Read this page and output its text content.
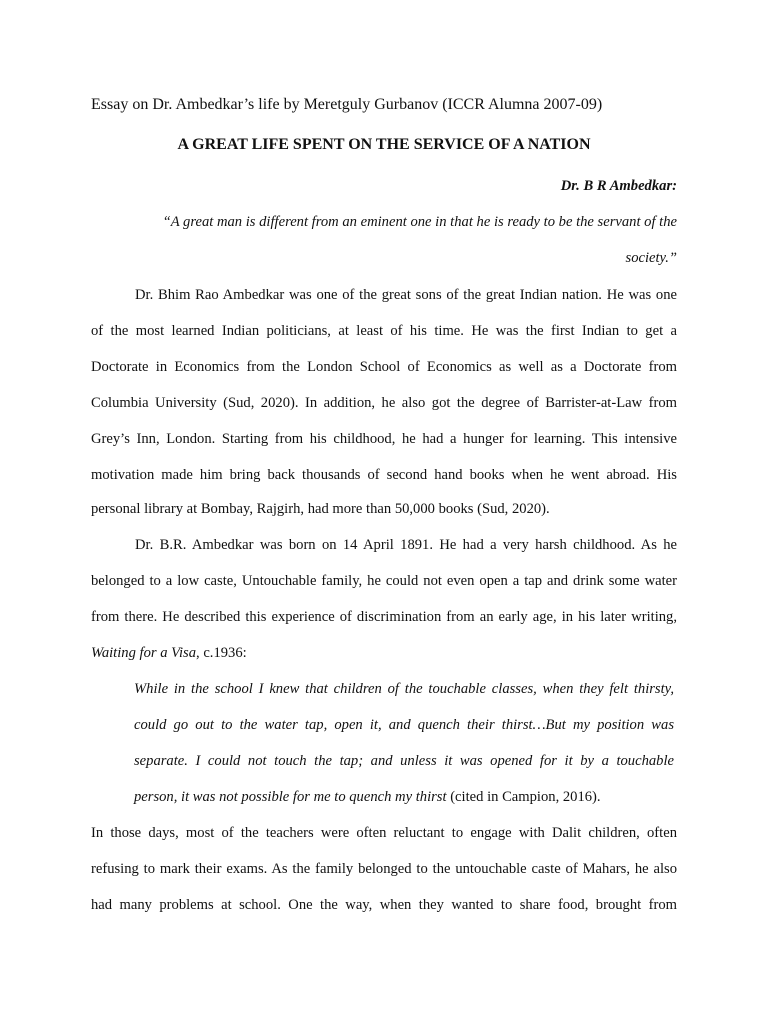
Essay on Dr. Ambedkar’s life by Meretguly Gurbanov (ICCR Alumna 2007-09)
A GREAT LIFE SPENT ON THE SERVICE OF A NATION
Dr. B R Ambedkar:
“A great man is different from an eminent one in that he is ready to be the servant of the
society.”
Dr. Bhim Rao Ambedkar was one of the great sons of the great Indian nation. He was one
of the most learned Indian politicians, at least of his time. He was the first Indian to get a
Doctorate in Economics from the London School of Economics as well as a Doctorate from
Columbia University (Sud, 2020). In addition, he also got the degree of Barrister-at-Law from
Grey’s Inn, London. Starting from his childhood, he had a hunger for learning. This intensive
motivation made him bring back thousands of second hand books when he went abroad. His
personal library at Bombay, Rajgirh, had more than 50,000 books (Sud, 2020).
Dr. B.R. Ambedkar was born on 14 April 1891. He had a very harsh childhood. As he
belonged to a low caste, Untouchable family, he could not even open a tap and drink some water
from there. He described this experience of discrimination from an early age, in his later writing,
Waiting for a Visa, c.1936:
While in the school I knew that children of the touchable classes, when they felt thirsty,
could go out to the water tap, open it, and quench their thirst…But my position was
separate. I could not touch the tap; and unless it was opened for it by a touchable
person, it was not possible for me to quench my thirst (cited in Campion, 2016).
In those days, most of the teachers were often reluctant to engage with Dalit children, often
refusing to mark their exams. As the family belonged to the untouchable caste of Mahars, he also
had many problems at school. One the way, when they wanted to share food, brought from
